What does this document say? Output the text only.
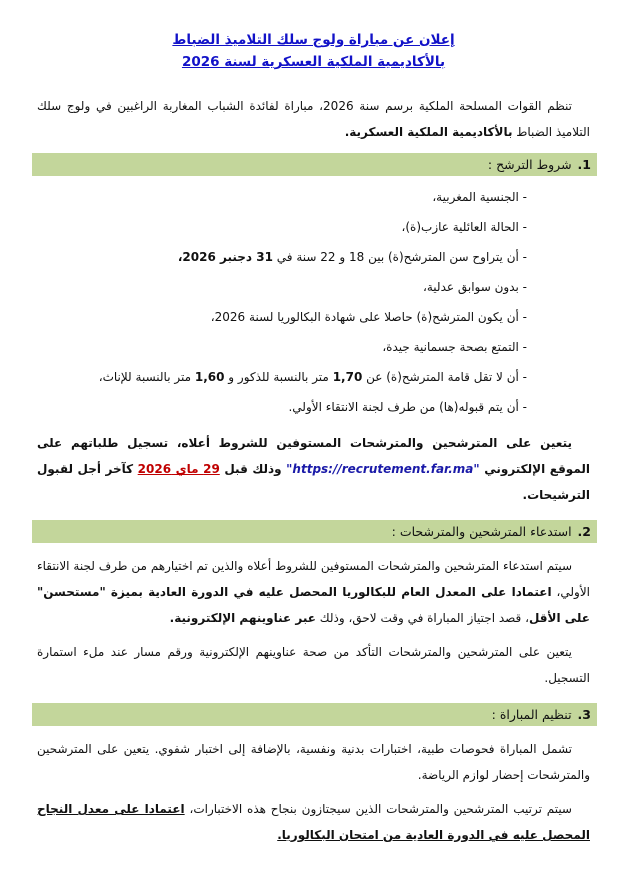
إعلان عن مباراة ولوج سلك التلاميذ الضباط

بالأكاديمية الملكية العسكرية لسنة 2026

تنظم القوات المسلحة الملكية برسم سنة 2026، مباراة لفائدة الشباب المغاربة الراغبين في ولوج سلك التلاميذ الضباط بالأكاديمية الملكية العسكرية.

1.شروط الترشح :

- الجنسية المغربية،

- الحالة العائلية عازب(ة)،

- أن يتراوح سن المترشح(ة) بين 18 و 22 سنة في 31 دجنبر 2026،

- بدون سوابق عدلية،

- أن يكون المترشح(ة) حاصلا على شهادة البكالوريا لسنة 2026،

- التمتع بصحة جسمانية جيدة،

- أن لا تقل قامة المترشح(ة) عن 1,70 متر بالنسبة للذكور و 1,60 متر بالنسبة للإناث،

- أن يتم قبوله(ها) من طرف لجنة الانتقاء الأولي.

يتعين على المترشحين والمترشحات المستوفين للشروط أعلاه، تسجيل طلباتهم على الموقع الإلكتروني "https://recrutement.far.ma" وذلك قبل 29 ماي 2026 كآخر أجل لقبول الترشيحات.

2.استدعاء المترشحين والمترشحات :

سيتم استدعاء المترشحين والمترشحات المستوفين للشروط أعلاه والذين تم اختيارهم من طرف لجنة الانتقاء الأولي، اعتمادا على المعدل العام للبكالوريا المحصل عليه في الدورة العادية بميزة "مستحسن" على الأقل، قصد اجتياز المباراة في وقت لاحق، وذلك عبر عناوينهم الإلكترونية.

يتعين على المترشحين والمترشحات التأكد من صحة عناوينهم الإلكترونية ورقم مسار عند ملء استمارة التسجيل.

3.تنظيم المباراة :

تشمل المباراة فحوصات طبية، اختبارات بدنية ونفسية، بالإضافة إلى اختبار شفوي. يتعين على المترشحين والمترشحات إحضار لوازم الرياضة.

سيتم ترتيب المترشحين والمترشحات الذين سيجتازون بنجاح هذه الاختبارات، اعتمادا على معدل النجاح المحصل عليه في الدورة العادية من امتحان البكالوريا.
